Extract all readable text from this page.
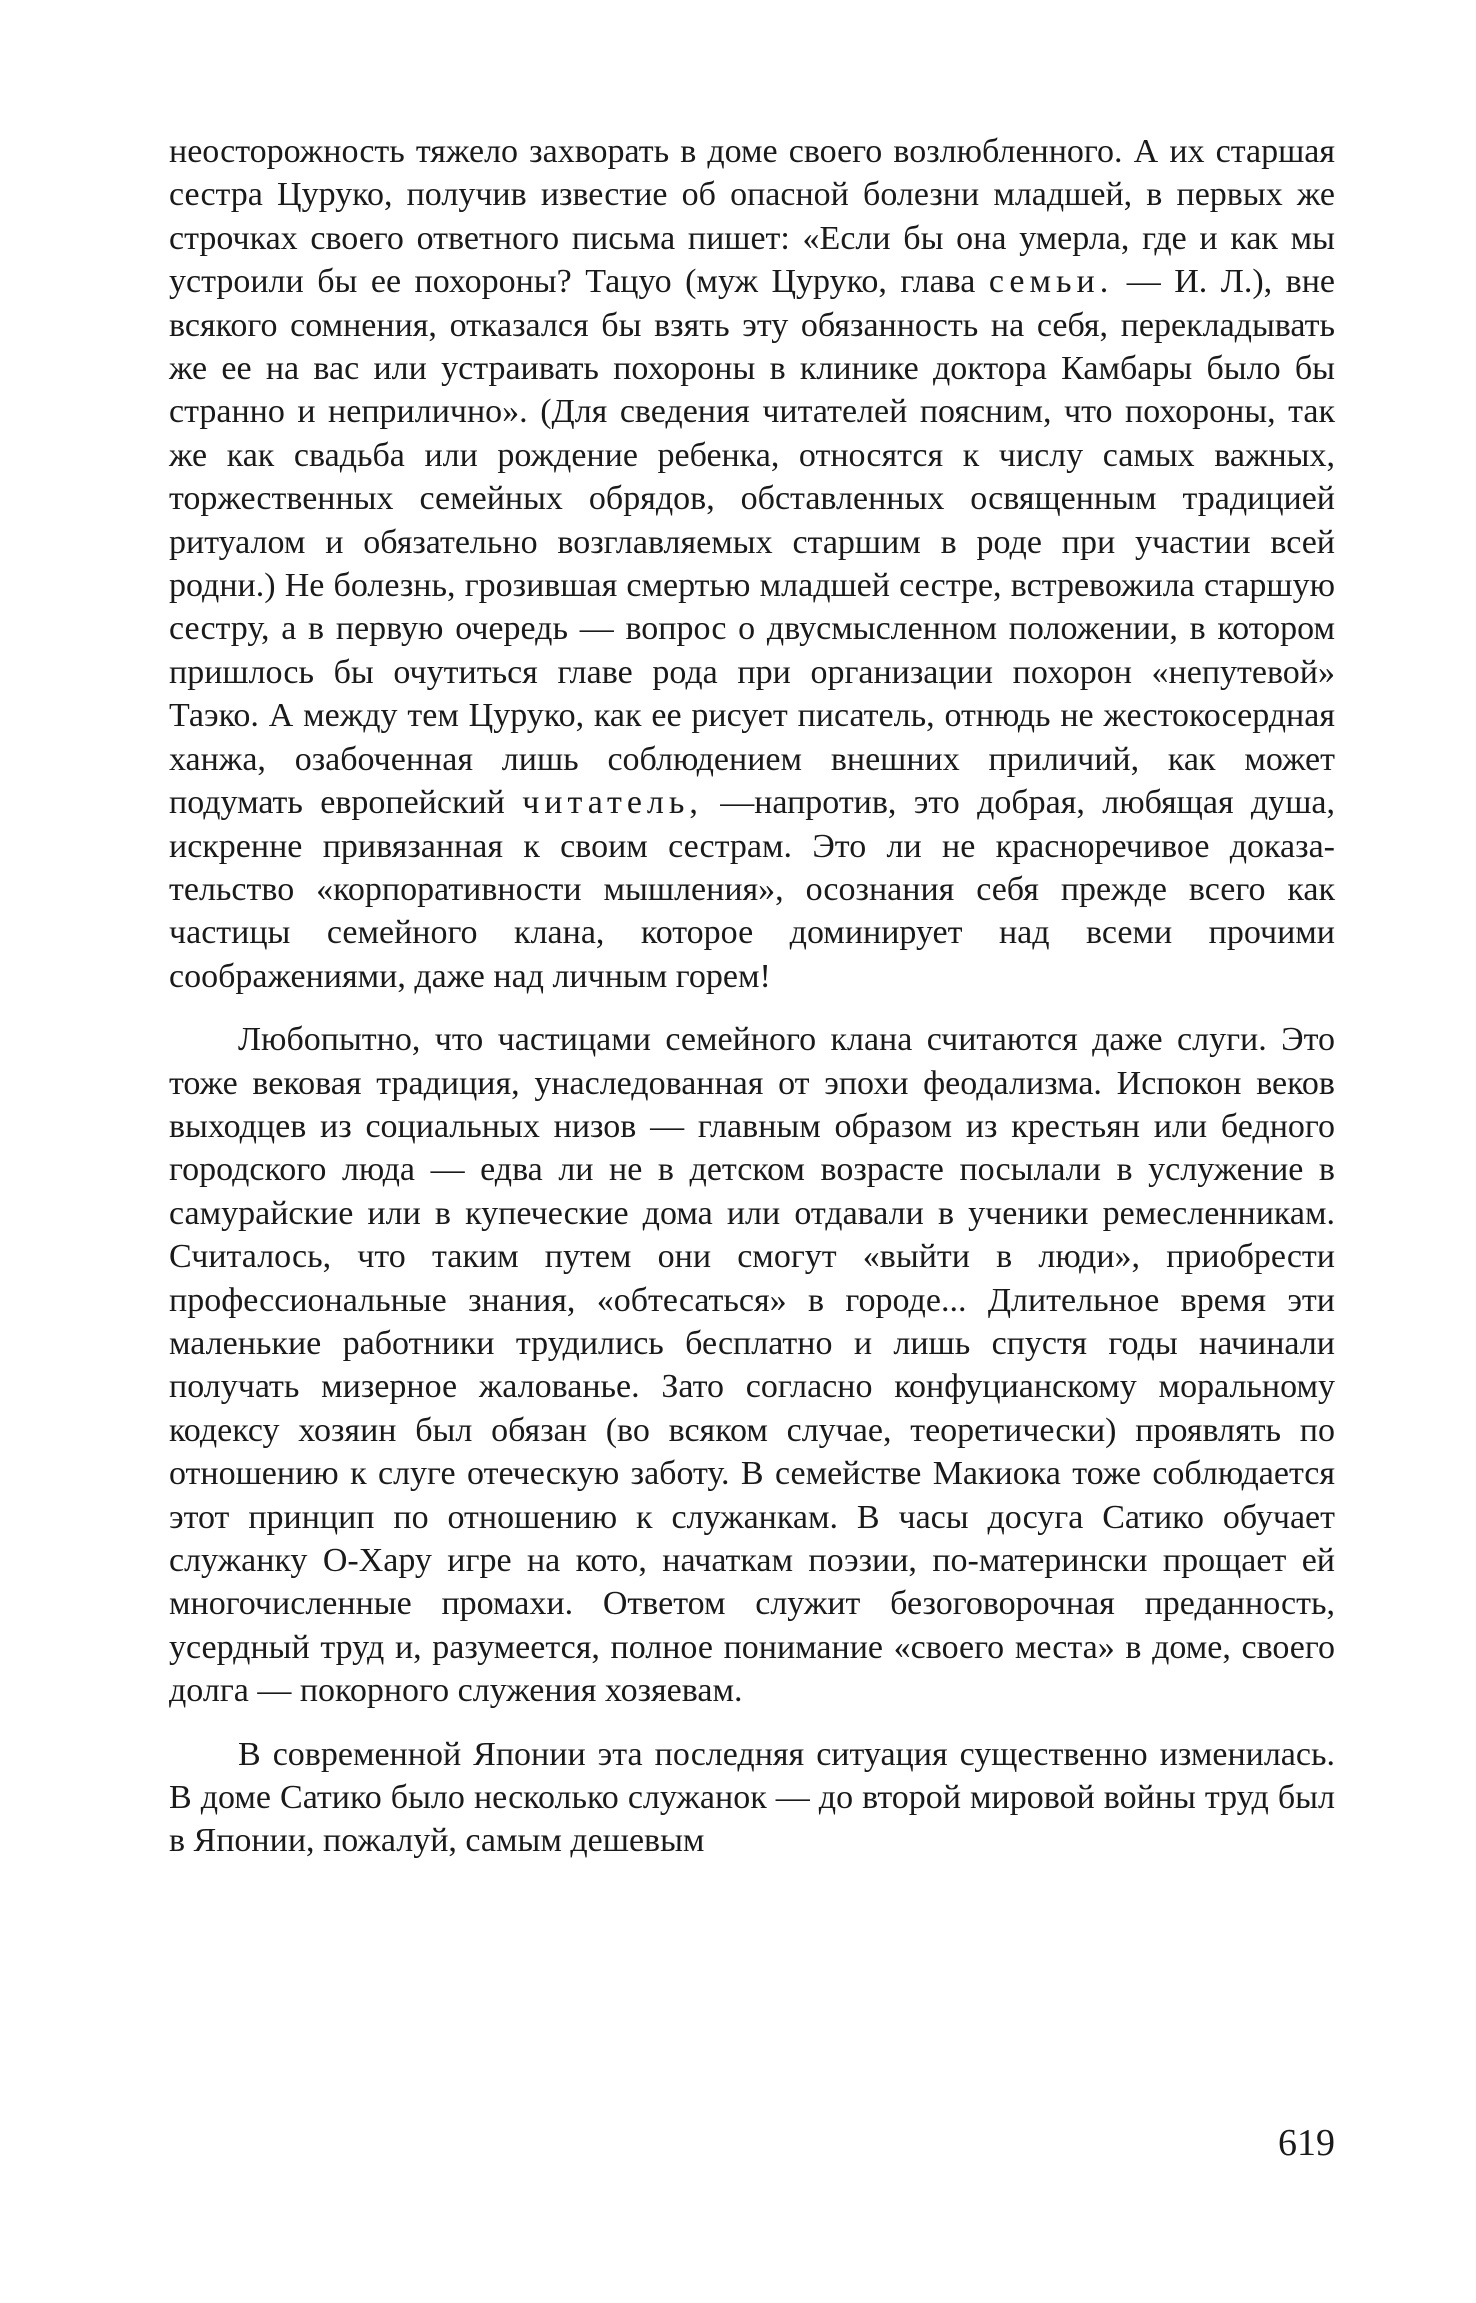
неосторожность тяжело захворать в доме своего возлюбленного. А их старшая сестра Цуруко, получив известие об опасной болезни младшей, в первых же строчках своего ответного письма пишет: «Если бы она умерла, где и как мы устроили бы ее похороны? Тацуо (муж Цуруко, глава семьи. — И. Л.), вне всякого сомнения, отказался бы взять эту обязанность на себя, перекладывать же ее на вас или устраивать похороны в клинике доктора Камбары было бы странно и неприлично». (Для сведения читателей поясним, что похороны, так же как свадьба или рождение ребенка, относятся к числу самых важных, торжественных семейных обрядов, обставленных освященным традицией ритуалом и обязательно возглавляемых старшим в роде при участии всей родни.) Не болезнь, грозившая смертью младшей сестре, встревожила старшую сестру, а в первую очередь — вопрос о двусмысленном положении, в котором пришлось бы очутиться главе рода при организации похорон «непутевой» Таэко. А между тем Цуруко, как ее рисует писатель, отнюдь не жестокосердная ханжа, озабоченная лишь соблюдением внешних приличий, как может подумать европейский читатель, —напротив, это добрая, любящая душа, искренне привязанная к своим сестрам. Это ли не красноречивое доказательство «корпоративности мышления», осознания себя прежде всего как частицы семейного клана, которое доминирует над всеми прочими соображениями, даже над личным горем!

Любопытно, что частицами семейного клана считаются даже слуги. Это тоже вековая традиция, унаследованная от эпохи феодализма. Испокон веков выходцев из социальных низов — главным образом из крестьян или бедного городского люда — едва ли не в детском возрасте посылали в услужение в самурайские или в купеческие дома или отдавали в ученики ремесленникам. Считалось, что таким путем они смогут «выйти в люди», приобрести профессиональные знания, «обтесаться» в городе... Длительное время эти маленькие работники трудились бесплатно и лишь спустя годы начинали получать мизерное жалованье. Зато согласно конфуцианскому моральному кодексу хозяин был обязан (во всяком случае, теоретически) проявлять по отношению к слуге отеческую заботу. В семействе Макиока тоже соблюдается этот принцип по отношению к служанкам. В часы досуга Сатико обучает служанку О-Хару игре на кото, начаткам поэзии, по-матерински прощает ей многочисленные промахи. Ответом служит безоговорочная преданность, усердный труд и, разумеется, полное понимание «своего места» в доме, своего долга — покорного служения хозяевам.

В современной Японии эта последняя ситуация существенно изменилась. В доме Сатико было несколько служанок — до второй мировой войны труд был в Японии, пожалуй, самым дешевым

619
